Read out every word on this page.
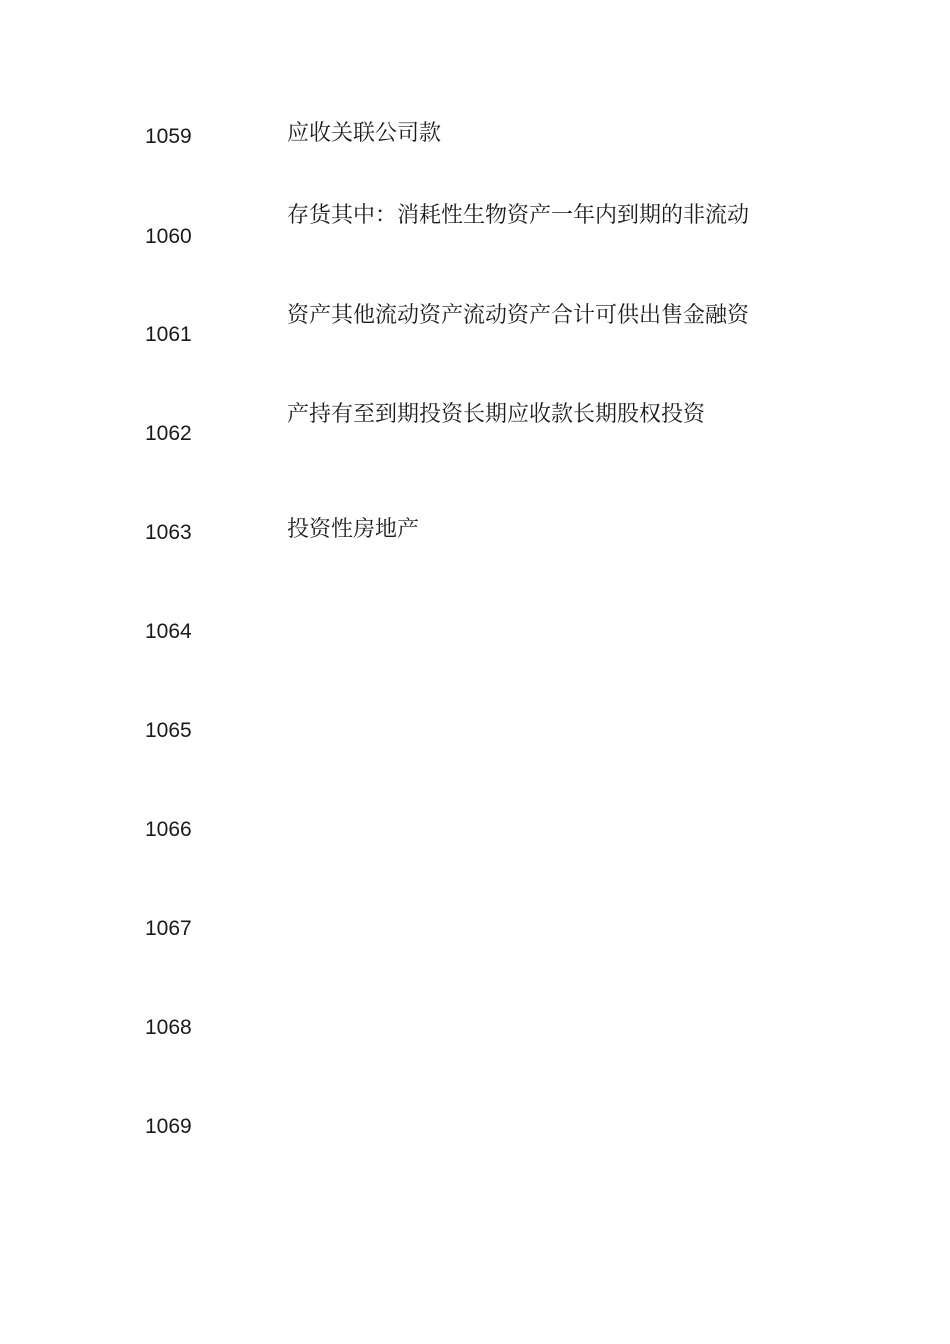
应收关联公司款
1059
存货其中：消耗性生物资产一年内到期的非流动
1060
资产其他流动资产流动资产合计可供出售金融资
1061
产持有至到期投资长期应收款长期股权投资
1062
投资性房地产
1063
1064
1065
1066
1067
1068
1069
